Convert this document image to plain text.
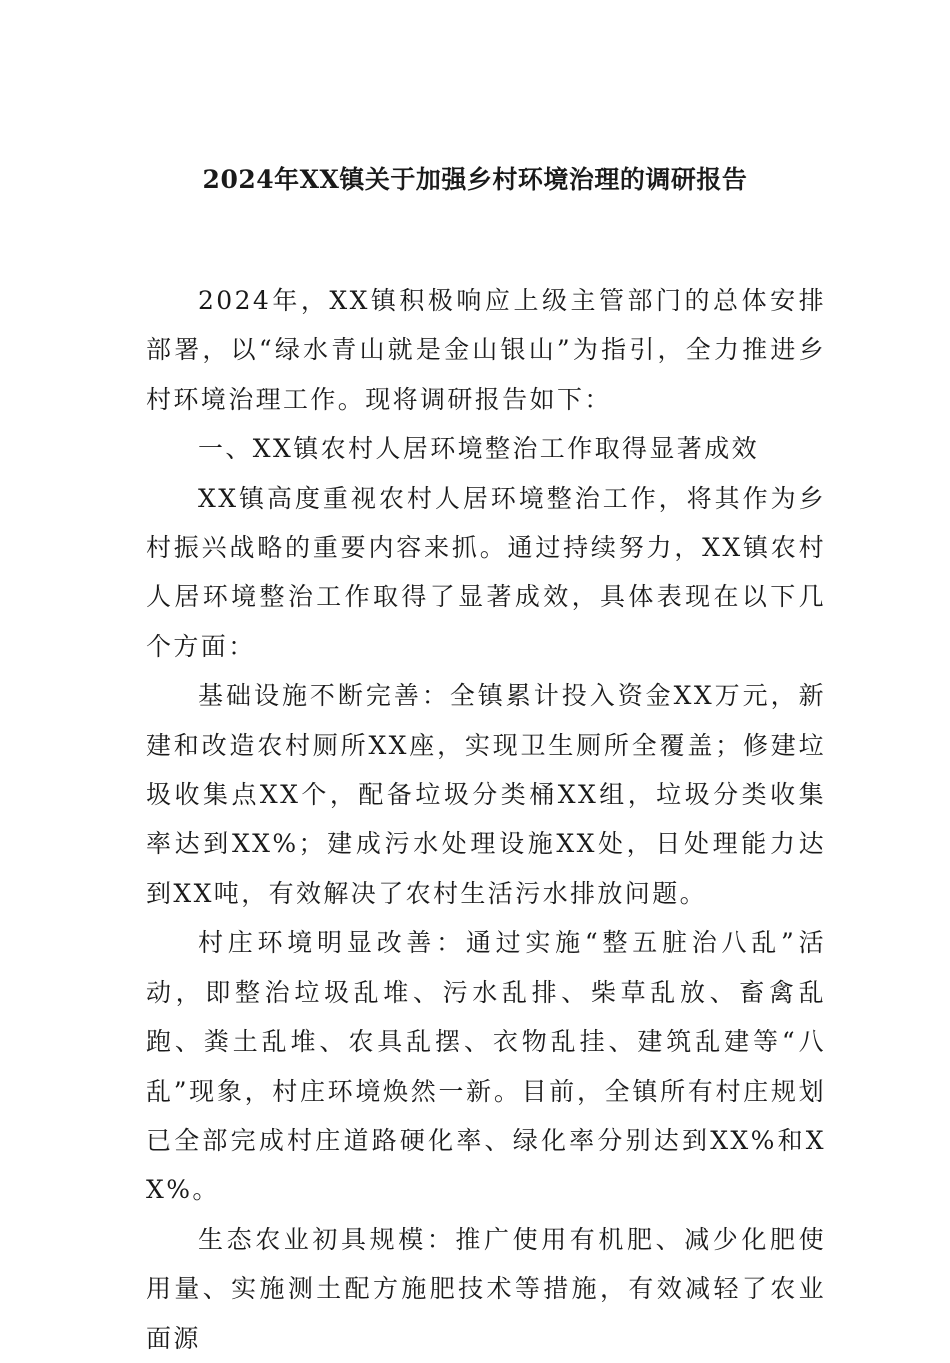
2024年XX镇关于加强乡村环境治理的调研报告

2024年，XX镇积极响应上级主管部门的总体安排部署，以“绿水青山就是金山银山”为指引，全力推进乡村环境治理工作。现将调研报告如下：

一、XX镇农村人居环境整治工作取得显著成效

XX镇高度重视农村人居环境整治工作，将其作为乡村振兴战略的重要内容来抓。通过持续努力，XX镇农村人居环境整治工作取得了显著成效，具体表现在以下几个方面：

基础设施不断完善：全镇累计投入资金XX万元，新建和改造农村厕所XX座，实现卫生厕所全覆盖；修建垃圾收集点XX个，配备垃圾分类桶XX组，垃圾分类收集率达到XX%；建成污水处理设施XX处，日处理能力达到XX吨，有效解决了农村生活污水排放问题。

村庄环境明显改善：通过实施“整五脏治八乱”活动，即整治垃圾乱堆、污水乱排、柴草乱放、畜禽乱跑、粪土乱堆、农具乱摆、衣物乱挂、建筑乱建等“八乱”现象，村庄环境焕然一新。目前，全镇所有村庄规划已全部完成村庄道路硬化率、绿化率分别达到XX%和XX%。

生态农业初具规模：推广使用有机肥、减少化肥使用量、实施测土配方施肥技术等措施，有效减轻了农业面源
